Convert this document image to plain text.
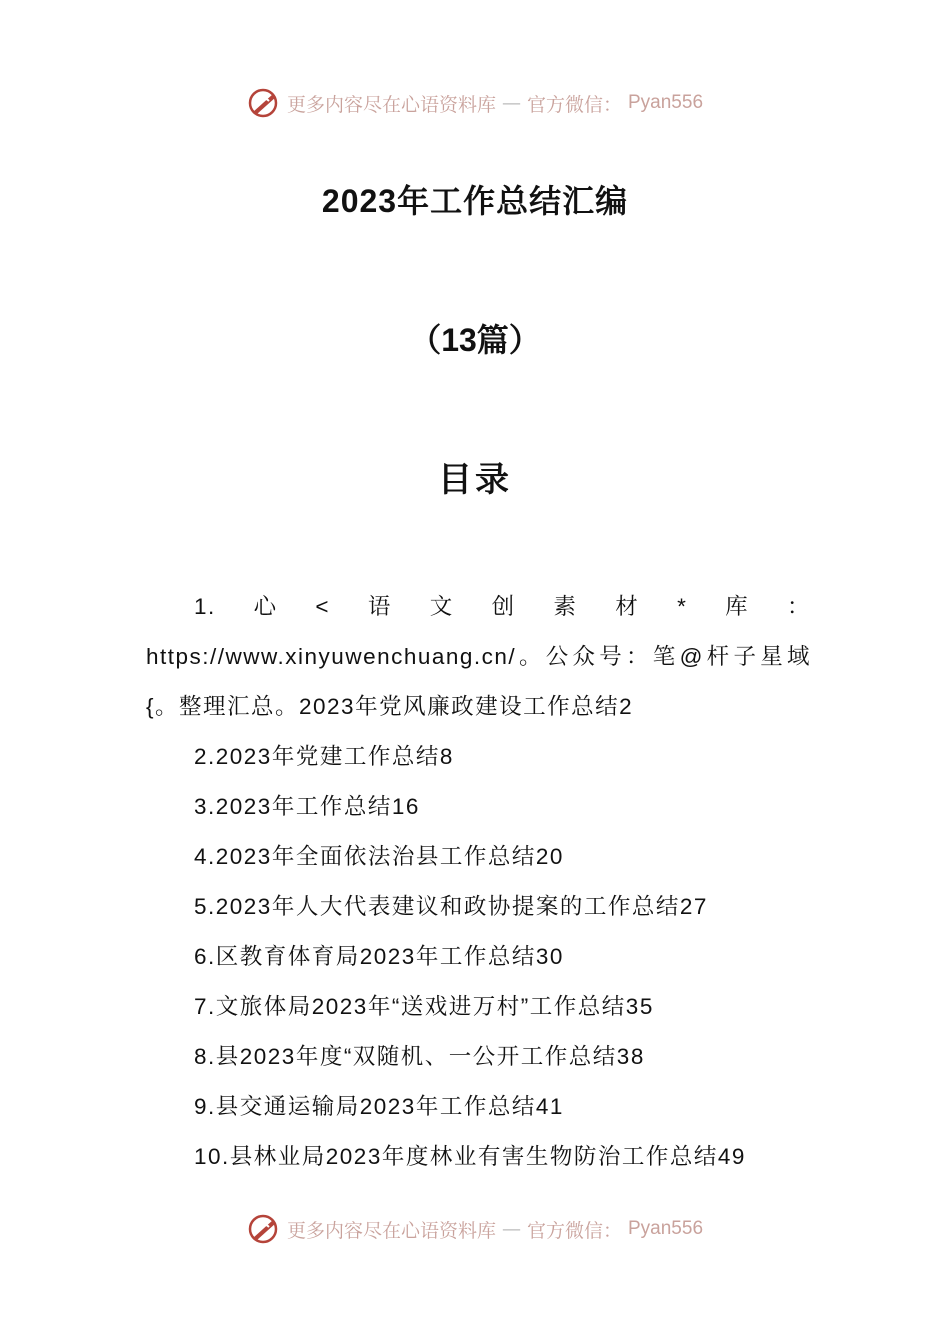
更多内容尽在心语资料库 — 官方微信： Pyan556
2023年工作总结汇编
（13篇）
目录

1.心<语文创素材*库：https://www.xinyuwenchuang.cn/。公众号：笔@杆子星域{。整理汇总。2023年党风廉政建设工作总结2

2.2023年党建工作总结8

3.2023年工作总结16

4.2023年全面依法治县工作总结20

5.2023年人大代表建议和政协提案的工作总结27

6.区教育体育局2023年工作总结30

7.文旅体局2023年“送戏进万村”工作总结35

8.县2023年度“双随机、一公开工作总结38

9.县交通运输局2023年工作总结41

10.县林业局2023年度林业有害生物防治工作总结49

更多内容尽在心语资料库 — 官方微信： Pyan556
